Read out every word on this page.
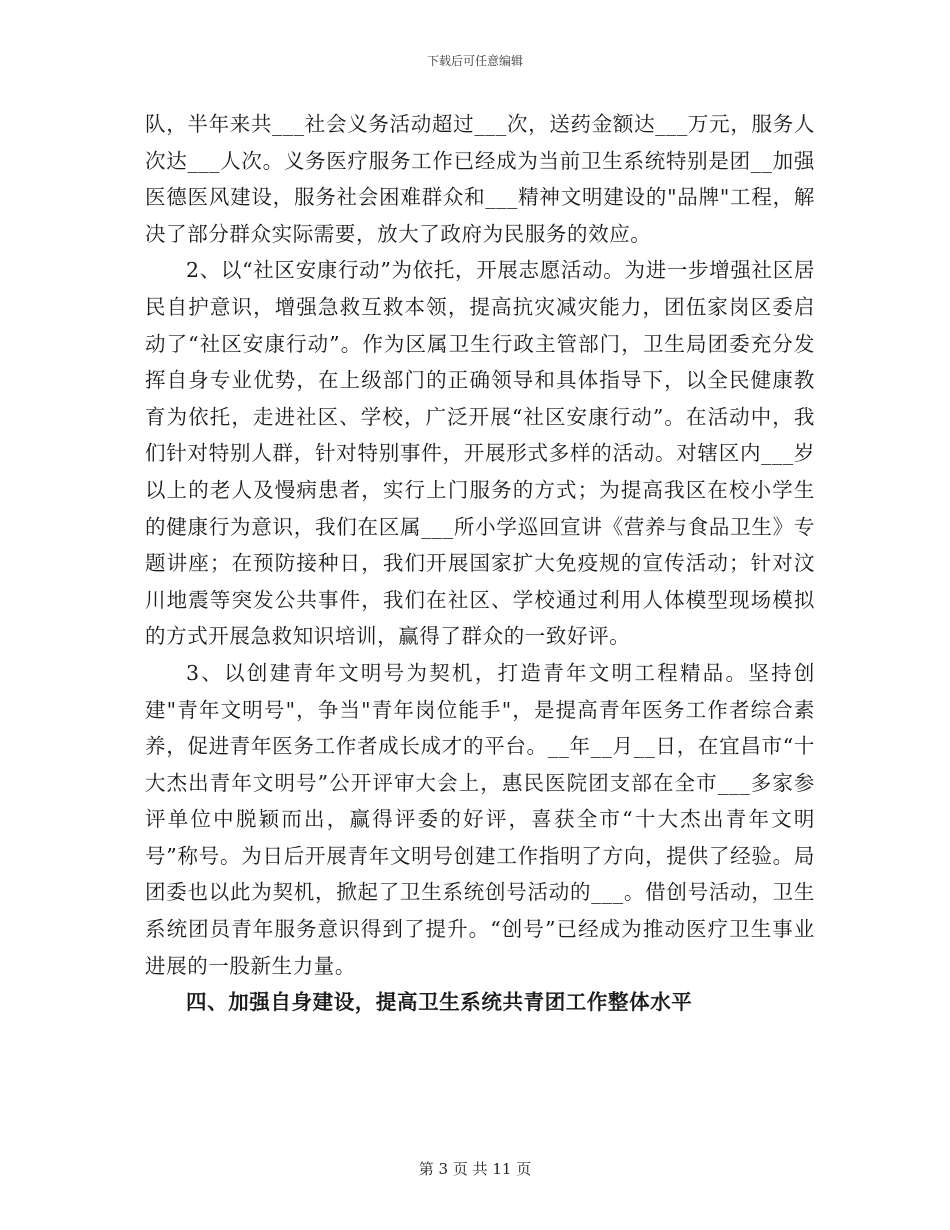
下载后可任意编辑

队，半年来共___社会义务活动超过___次，送药金额达___万元，服务人次达___人次。义务医疗服务工作已经成为当前卫生系统特别是团__加强医德医风建设，服务社会困难群众和___精神文明建设的"品牌"工程，解决了部分群众实际需要，放大了政府为民服务的效应。

2、以“社区安康行动”为依托，开展志愿活动。为进一步增强社区居民自护意识，增强急救互救本领，提高抗灾减灾能力，团伍家岗区委启动了“社区安康行动”。作为区属卫生行政主管部门，卫生局团委充分发挥自身专业优势，在上级部门的正确领导和具体指导下，以全民健康教育为依托，走进社区、学校，广泛开展“社区安康行动”。在活动中，我们针对特别人群，针对特别事件，开展形式多样的活动。对辖区内___岁以上的老人及慢病患者，实行上门服务的方式；为提高我区在校小学生的健康行为意识，我们在区属___所小学巡回宣讲《营养与食品卫生》专题讲座；在预防接种日，我们开展国家扩大免疫规的宣传活动；针对汶川地震等突发公共事件，我们在社区、学校通过利用人体模型现场模拟的方式开展急救知识培训，赢得了群众的一致好评。

3、以创建青年文明号为契机，打造青年文明工程精品。坚持创建"青年文明号"，争当"青年岗位能手"，是提高青年医务工作者综合素养，促进青年医务工作者成长成才的平台。__年__月__日，在宜昌市“十大杰出青年文明号”公开评审大会上，惠民医院团支部在全市___多家参评单位中脱颖而出，赢得评委的好评，喜获全市“十大杰出青年文明号”称号。为日后开展青年文明号创建工作指明了方向，提供了经验。局团委也以此为契机，掀起了卫生系统创号活动的___。借创号活动，卫生系统团员青年服务意识得到了提升。“创号”已经成为推动医疗卫生事业进展的一股新生力量。

四、加强自身建设，提高卫生系统共青团工作整体水平

第 3 页 共 11 页
